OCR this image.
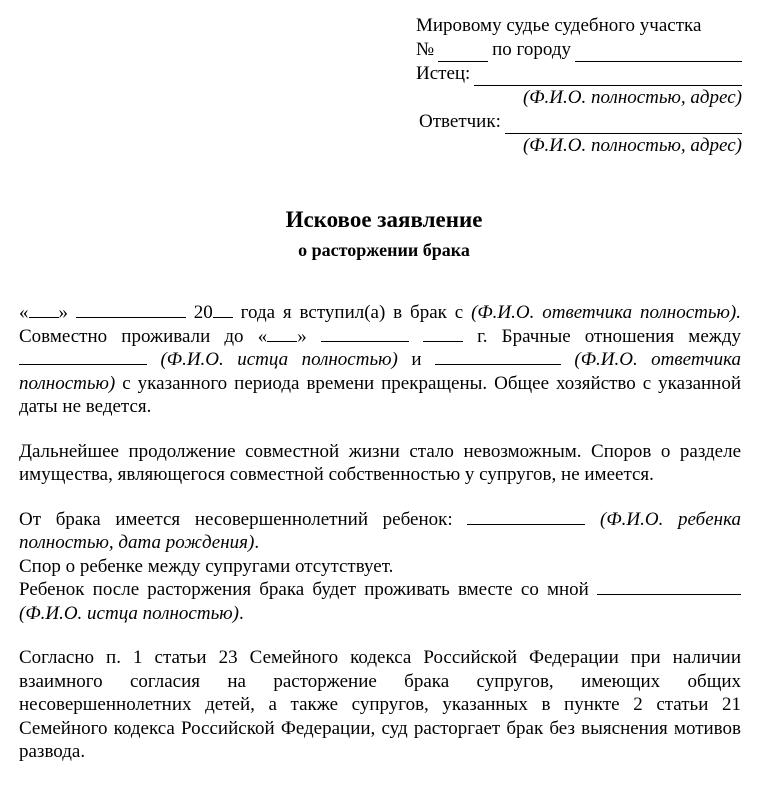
Мировому судье судебного участка
№	по городу
Истец:
(Ф.И.О. полностью, адрес)
Ответчик:
(Ф.И.О. полностью, адрес)
Исковое заявление
о расторжении брака

« »	20 года я вступил(а) в брак с (Ф.И.О. ответчика полностью). Совместно проживали до « »	г. Брачные отношения между (Ф.И.О. истца полностью) и	(Ф.И.О. ответчика полностью) с указанного периода времени прекращены. Общее хозяйство с указанной даты не ведется.

Дальнейшее продолжение совместной жизни стало невозможным. Споров о разделе имущества, являющегося совместной собственностью у супругов, не имеется.

От брака имеется несовершеннолетний ребенок:	(Ф.И.О. ребенка полностью, дата рождения).

Спор о ребенке между супругами отсутствует.

Ребенок после расторжения брака будет проживать вместе со мной  (Ф.И.О. истца полностью).

Согласно п. 1 статьи 23 Семейного кодекса Российской Федерации при наличии взаимного согласия на расторжение брака супругов, имеющих общих несовершеннолетних детей, а также супругов, указанных в пункте 2 статьи 21 Семейного кодекса Российской Федерации, суд расторгает брак без выяснения мотивов развода.
